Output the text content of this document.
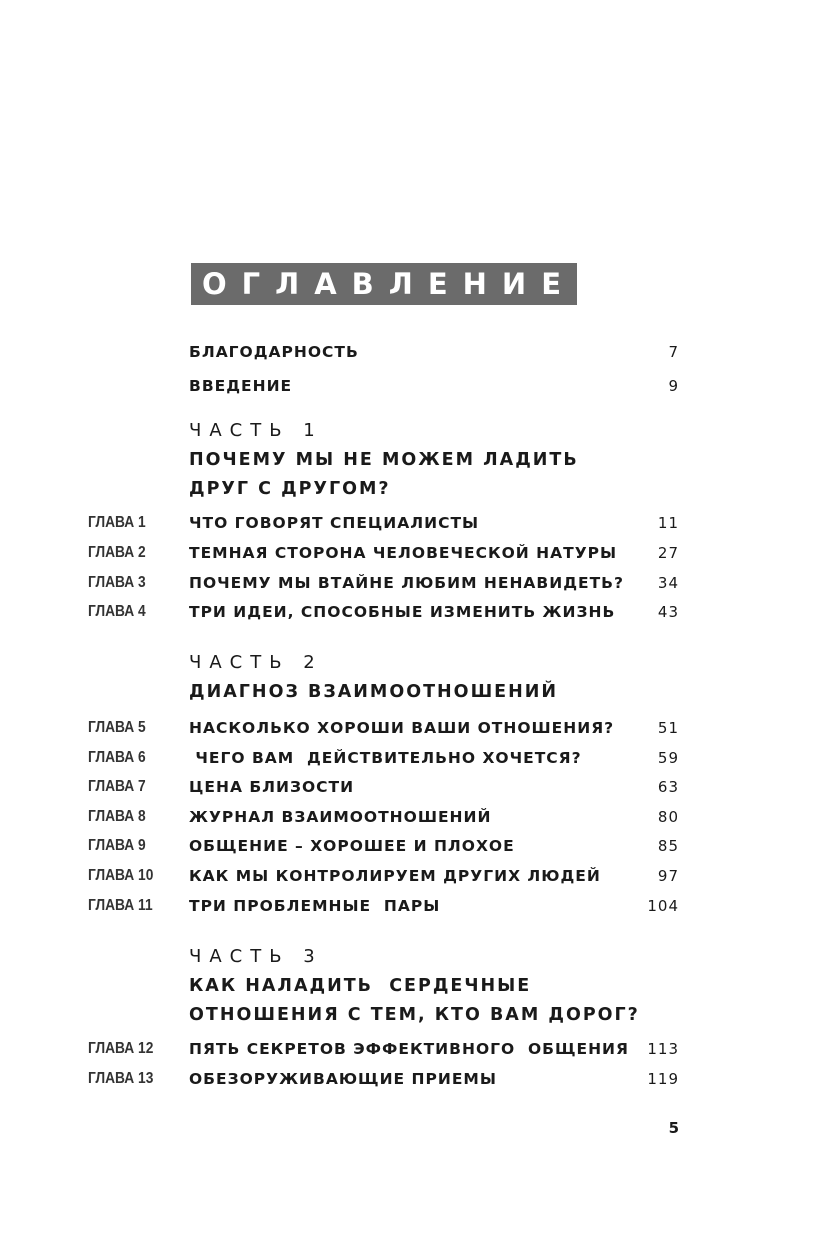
ОГЛАВЛЕНИЕ
БЛАГОДАРНОСТЬ	7
ВВЕДЕНИЕ	9
ЧАСТЬ 1
ПОЧЕМУ МЫ НЕ МОЖЕМ ЛАДИТЬ
ДРУГ С ДРУГОМ?
ГЛАВА 1	ЧТО ГОВОРЯТ СПЕЦИАЛИСТЫ	11
ГЛАВА 2	ТЕМНАЯ СТОРОНА ЧЕЛОВЕЧЕСКОЙ НАТУРЫ	27
ГЛАВА 3	ПОЧЕМУ МЫ ВТАЙНЕ ЛЮБИМ НЕНАВИДЕТЬ? 34
ГЛАВА 4	ТРИ ИДЕИ, СПОСОБНЫЕ ИЗМЕНИТЬ ЖИЗНЬ	43
ЧАСТЬ 2
ДИАГНОЗ ВЗАИМООТНОШЕНИЙ
ГЛАВА 5	НАСКОЛЬКО ХОРОШИ ВАШИ ОТНОШЕНИЯ?	51
ГЛАВА 6	ЧЕГО ВАМ  ДЕЙСТВИТЕЛЬНО ХОЧЕТСЯ?	59
ГЛАВА 7	ЦЕНА БЛИЗОСТИ	63
ГЛАВА 8	ЖУРНАЛ ВЗАИМООТНОШЕНИЙ	80
ГЛАВА 9	ОБЩЕНИЕ – ХОРОШЕЕ И ПЛОХОЕ	85
ГЛАВА 10 КАК МЫ КОНТРОЛИРУЕМ ДРУГИХ ЛЮДЕЙ	97
ГЛАВА 11 ТРИ ПРОБЛЕМНЫЕ  ПАРЫ	104
ЧАСТЬ 3
КАК НАЛАДИТЬ  СЕРДЕЧНЫЕ
ОТНОШЕНИЯ С ТЕМ, КТО ВАМ ДОРОГ?
ГЛАВА 12 ПЯТЬ СЕКРЕТОВ ЭФФЕКТИВНОГО  ОБЩЕНИЯ 113
ГЛАВА 13 ОБЕЗОРУЖИВАЮЩИЕ ПРИЕМЫ	119
5
